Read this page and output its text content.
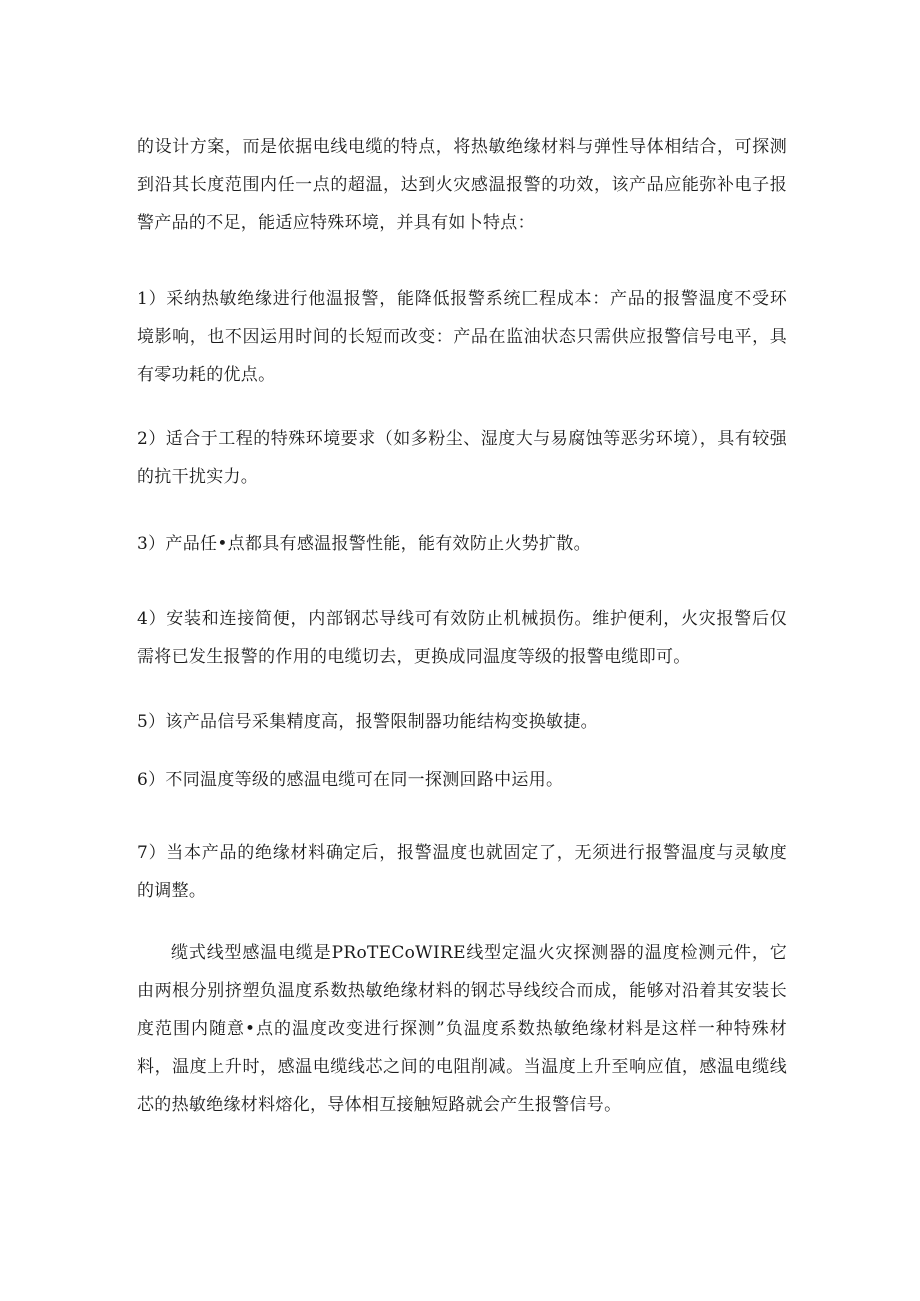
的设计方案，而是依据电线电缆的特点，将热敏绝缘材料与弹性导体相结合，可探测到沿其长度范围内任一点的超温，达到火灾感温报警的功效，该产品应能弥补电子报警产品的不足，能适应特殊环境，并具有如卜特点：

1）采纳热敏绝缘进行他温报警，能降低报警系统匚程成本：产品的报警温度不受环境影响，也不因运用时间的长短而改变：产品在监油状态只需供应报警信号电平，具有零功耗的优点。

2）适合于工程的特殊环境要求（如多粉尘、湿度大与易腐蚀等恶劣环境），具有较强的抗干扰实力。

3）产品任•点都具有感温报警性能，能有效防止火势扩散。

4）安装和连接简便，内部钢芯导线可有效防止机械损伤。维护便利，火灾报警后仅需将已发生报警的作用的电缆切去，更换成同温度等级的报警电缆即可。

5）该产品信号采集精度高，报警限制器功能结构变换敏捷。

6）不同温度等级的感温电缆可在同一探测回路中运用。

7）当本产品的绝缘材料确定后，报警温度也就固定了，无须进行报警温度与灵敏度的调整。

缆式线型感温电缆是PRoTECoWIRE线型定温火灾探测器的温度检测元件，它由两根分别挤塑负温度系数热敏绝缘材料的钢芯导线绞合而成，能够对沿着其安装长度范围内随意•点的温度改变进行探测”负温度系数热敏绝缘材料是这样一种特殊材料，温度上升时，感温电缆线芯之间的电阻削减。当温度上升至响应值，感温电缆线芯的热敏绝缘材料熔化，导体相互接触短路就会产生报警信号。
